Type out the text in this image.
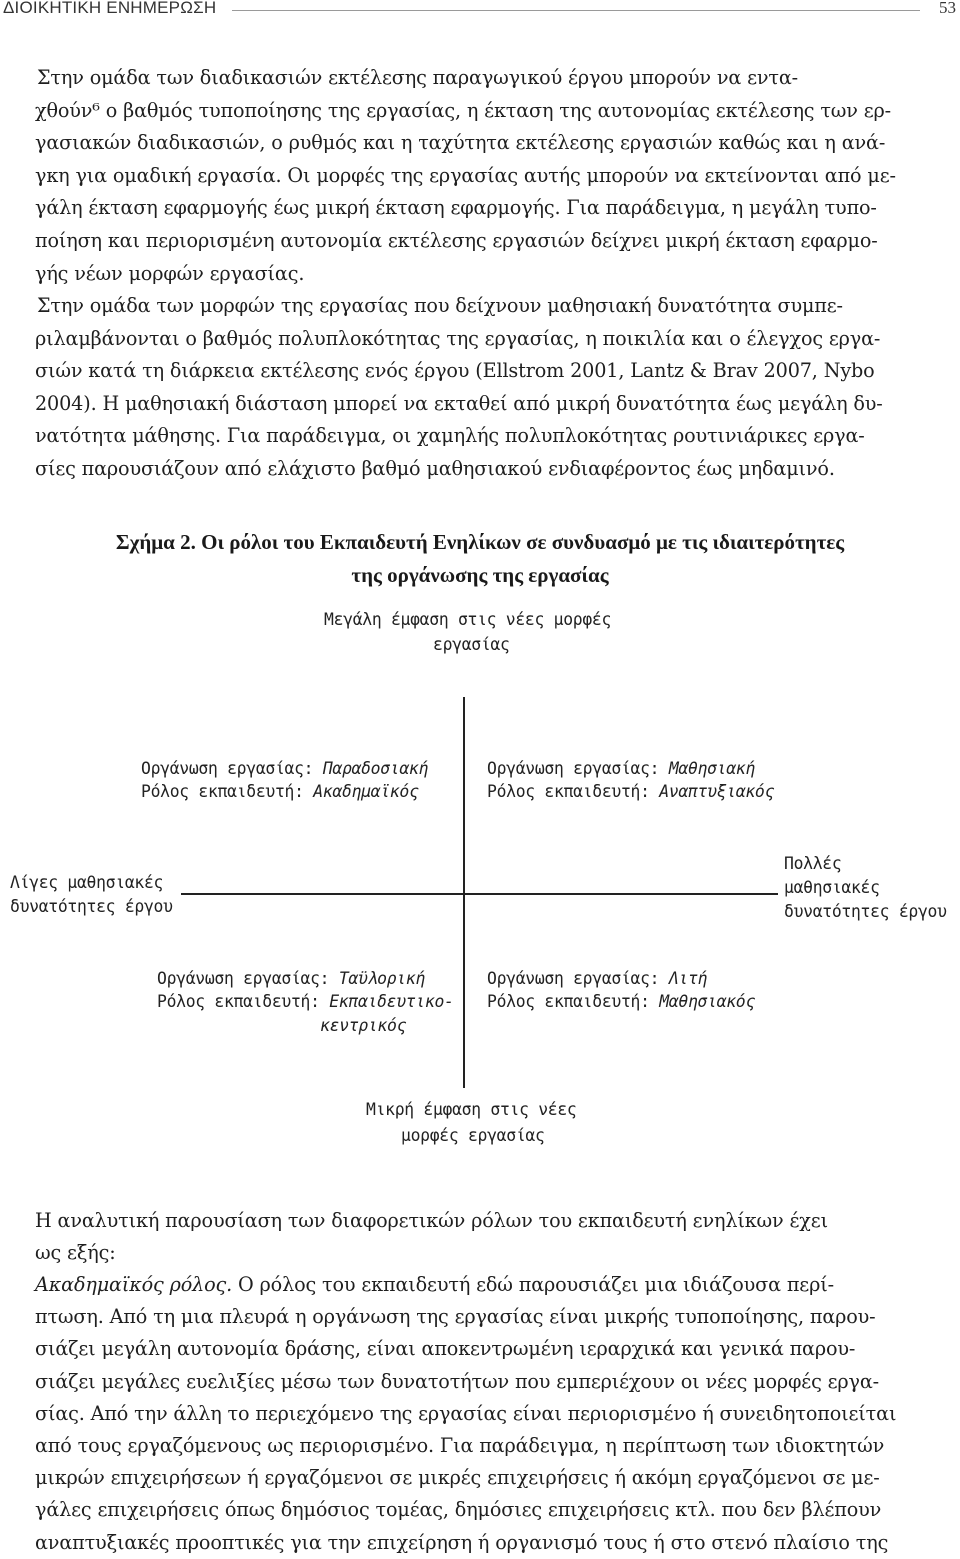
ΔΙΟΙΚΗΤΙΚΗ ΕΝΗΜΕΡΩΣΗ	53
Στην ομάδα των διαδικασιών εκτέλεσης παραγωγικού έργου μπορούν να εντα-
χθούν⁶ ο βαθμός τυποποίησης της εργασίας, η έκταση της αυτονομίας εκτέλεσης των ερ-
γασιακών διαδικασιών, ο ρυθμός και η ταχύτητα εκτέλεσης εργασιών καθώς και η ανά-
γκη για ομαδική εργασία. Οι μορφές της εργασίας αυτής μπορούν να εκτείνονται από με-
γάλη έκταση εφαρμογής έως μικρή έκταση εφαρμογής. Για παράδειγμα, η μεγάλη τυπο-
ποίηση και περιορισμένη αυτονομία εκτέλεσης εργασιών δείχνει μικρή έκταση εφαρμο-
γής νέων μορφών εργασίας.
Στην ομάδα των μορφών της εργασίας που δείχνουν μαθησιακή δυνατότητα συμπε-
ριλαμβάνονται ο βαθμός πολυπλοκότητας της εργασίας, η ποικιλία και ο έλεγχος εργα-
σιών κατά τη διάρκεια εκτέλεσης ενός έργου (Ellstrom 2001, Lantz & Brav 2007, Nybo
2004). Η μαθησιακή διάσταση μπορεί να εκταθεί από μικρή δυνατότητα έως μεγάλη δυ-
νατότητα μάθησης. Για παράδειγμα, οι χαμηλής πολυπλοκότητας ρουτινιάρικες εργα-
σίες παρουσιάζουν από ελάχιστο βαθμό μαθησιακού ενδιαφέροντος έως μηδαμινό.
Σχήμα 2. Οι ρόλοι του Εκπαιδευτή Ενηλίκων σε συνδυασμό με τις ιδιαιτερότητες
της οργάνωσης της εργασίας
Μεγάλη έμφαση στις νέες μορφές
εργασίας
Οργάνωση εργασίας: Παραδοσιακή
Ρόλος εκπαιδευτή: Ακαδημαϊκός
Οργάνωση εργασίας: Μαθησιακή
Ρόλος εκπαιδευτή: Αναπτυξιακός
Λίγες μαθησιακές
δυνατότητες έργου
Πολλές
μαθησιακές
δυνατότητες έργου
Οργάνωση εργασίας: Ταϋλορική
Ρόλος εκπαιδευτή: Εκπαιδευτικο-
κεντρικός
Οργάνωση εργασίας: Λιτή
Ρόλος εκπαιδευτή: Μαθησιακός
Μικρή έμφαση στις νέες
μορφές εργασίας
Η αναλυτική παρουσίαση των διαφορετικών ρόλων του εκπαιδευτή ενηλίκων έχει
ως εξής:
Ακαδημαϊκός ρόλος. Ο ρόλος του εκπαιδευτή εδώ παρουσιάζει μια ιδιάζουσα περί-
πτωση. Από τη μια πλευρά η οργάνωση της εργασίας είναι μικρής τυποποίησης, παρου-
σιάζει μεγάλη αυτονομία δράσης, είναι αποκεντρωμένη ιεραρχικά και γενικά παρου-
σιάζει μεγάλες ευελιξίες μέσω των δυνατοτήτων που εμπεριέχουν οι νέες μορφές εργα-
σίας. Από την άλλη το περιεχόμενο της εργασίας είναι περιορισμένο ή συνειδητοποιείται
από τους εργαζόμενους ως περιορισμένο. Για παράδειγμα, η περίπτωση των ιδιοκτητών
μικρών επιχειρήσεων ή εργαζόμενοι σε μικρές επιχειρήσεις ή ακόμη εργαζόμενοι σε με-
γάλες επιχειρήσεις όπως δημόσιος τομέας, δημόσιες επιχειρήσεις κτλ. που δεν βλέπουν
αναπτυξιακές προοπτικές για την επιχείρηση ή οργανισμό τους ή στο στενό πλαίσιο της
